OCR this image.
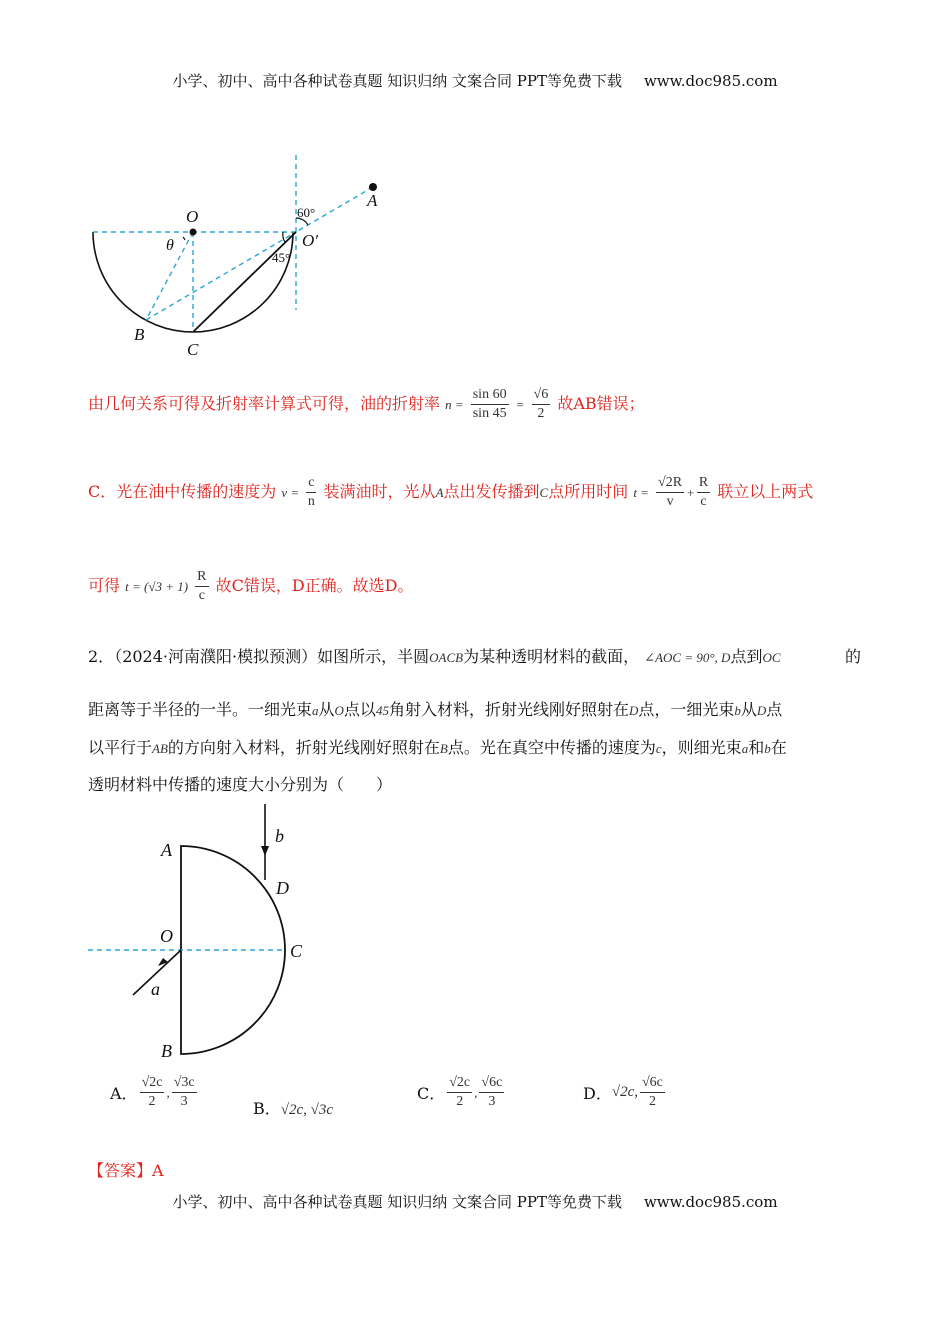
小学、初中、高中各种试卷真题 知识归纳 文案合同 PPT等免费下载 www.doc985.com
O
O′
A
B
C
θ
60°
45°
由几何关系可得及折射率计算式可得，油的折射率 $n = \frac{\sin 60}{\sin 45} = \frac{√6}{2}$ 故AB错误；
C．光在油中传播的速度为 $v = \frac{c}{n}$ 装满油时，光从A点出发传播到C点所用时间 $t = \frac{√2R}{v} + \frac{R}{c}$ 联立以上两式
可得 $t = (√3 + 1) \frac{R}{c}$ 故C错误，D正确。故选D。
2．（2024·河南濮阳·模拟预测）如图所示，半圆OACB为某种透明材料的截面， ∠AOC = 90°, D点到OC	的
距离等于半径的一半。一细光束a从O点以45角射入材料，折射光线刚好照射在D点，一细光束b从D点
以平行于AB的方向射入材料，折射光线刚好照射在B点。光在真空中传播的速度为c，则细光束a和b在
透明材料中传播的速度大小分别为（　　）
A
B
C
D
O
a
b
A． $\frac{√2c}{2}$ , $\frac{√3c}{3}$	B．√2c, √3c
C． $\frac{√2c}{2}$ , $\frac{√6c}{3}$	D．√2c, $\frac{√6c}{2}$
【答案】A
小学、初中、高中各种试卷真题 知识归纳 文案合同 PPT等免费下载 www.doc985.com
